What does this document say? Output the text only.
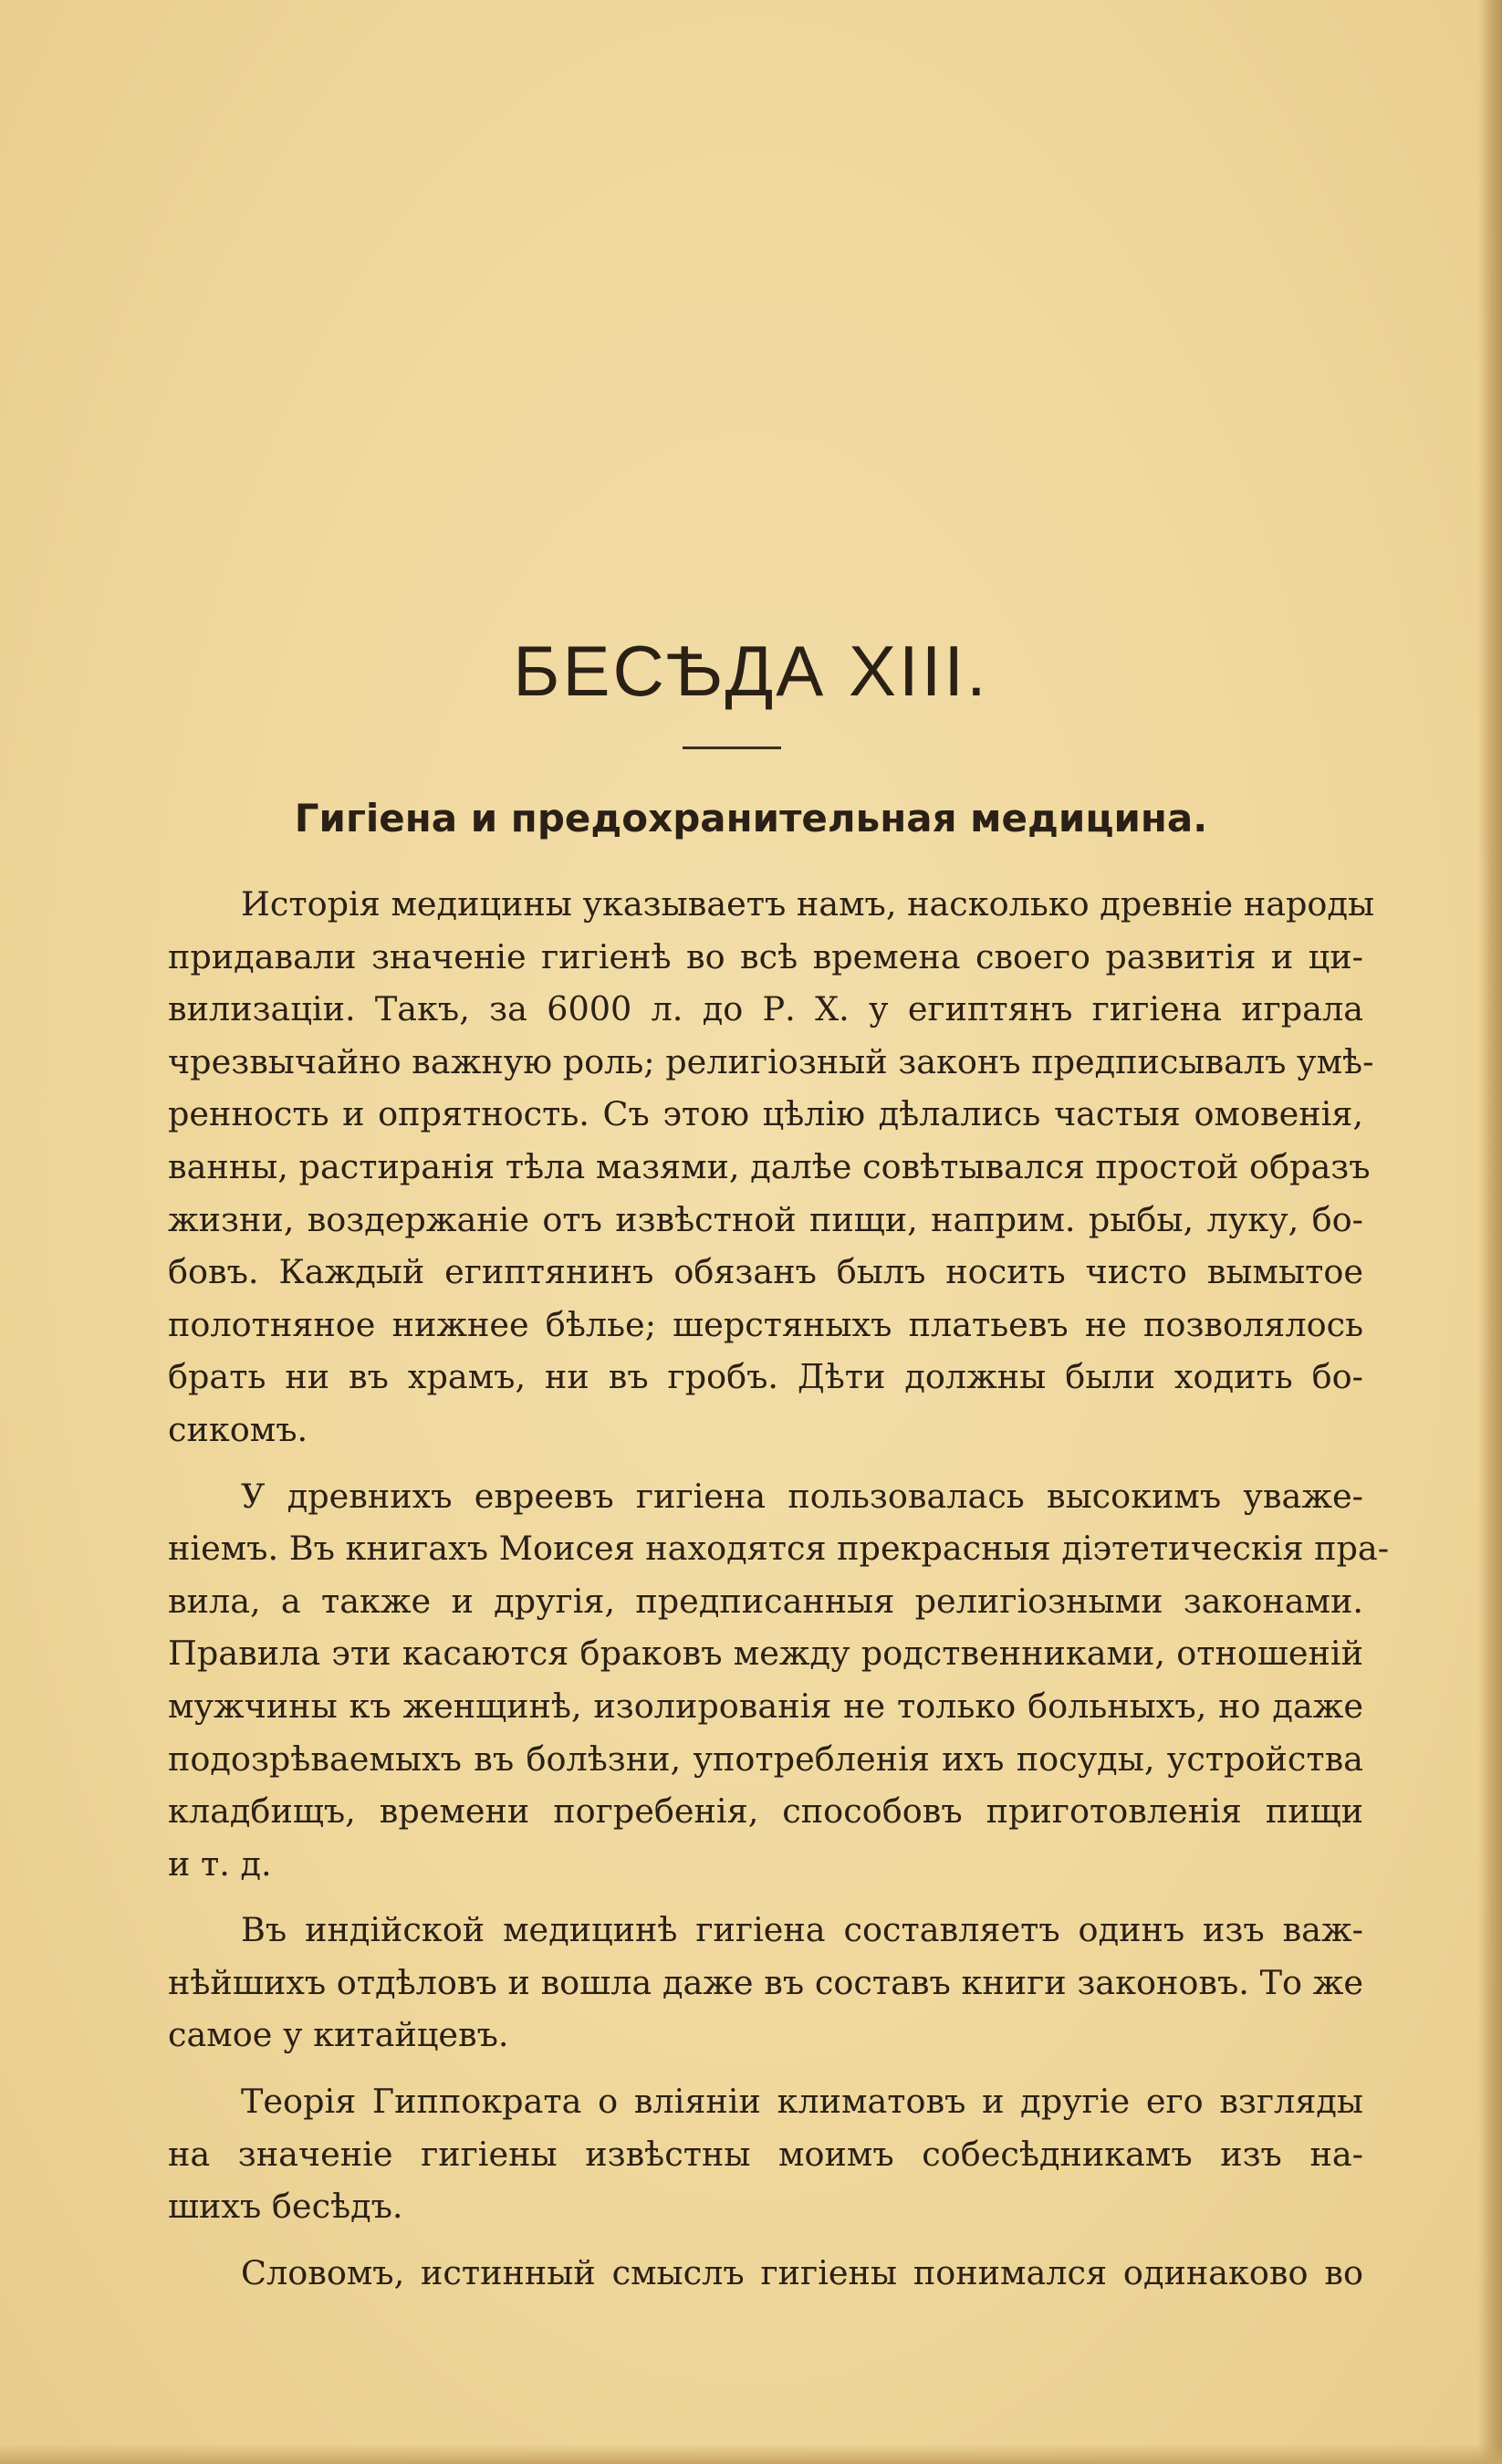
БЕСѢДА XIII.
Гигіена и предохранительная медицина.
Исторія медицины указываетъ намъ, насколько древніе народы
придавали значеніе гигіенѣ во всѣ времена своего развитія и ци-
вилизаціи. Такъ, за 6000 л. до Р. Х. у египтянъ гигіена играла
чрезвычайно важную роль; религіозный законъ предписывалъ умѣ-
ренность и опрятность. Съ этою цѣлію дѣлались частыя омовенія,
ванны, растиранія тѣла мазями, далѣе совѣтывался простой образъ
жизни, воздержаніе отъ извѣстной пищи, наприм. рыбы, луку, бо-
бовъ. Каждый египтянинъ обязанъ былъ носить чисто вымытое
полотняное нижнее бѣлье; шерстяныхъ платьевъ не позволялось
брать ни въ храмъ, ни въ гробъ. Дѣти должны были ходить бо-
сикомъ.
У древнихъ евреевъ гигіена пользовалась высокимъ уваже-
ніемъ. Въ книгахъ Моисея находятся прекрасныя діэтетическія пра-
вила, а также и другія, предписанныя религіозными законами.
Правила эти касаются браковъ между родственниками, отношеній
мужчины къ женщинѣ, изолированія не только больныхъ, но даже
подозрѣваемыхъ въ болѣзни, употребленія ихъ посуды, устройства
кладбищъ, времени погребенія, способовъ приготовленія пищи
и т. д.
Въ индійской медицинѣ гигіена составляетъ одинъ изъ важ-
нѣйшихъ отдѣловъ и вошла даже въ составъ книги законовъ. То же
самое у китайцевъ.
Теорія Гиппократа о вліяніи климатовъ и другіе его взгляды
на значеніе гигіены извѣстны моимъ собесѣдникамъ изъ на-
шихъ бесѣдъ.
Словомъ, истинный смыслъ гигіены понимался одинаково во
